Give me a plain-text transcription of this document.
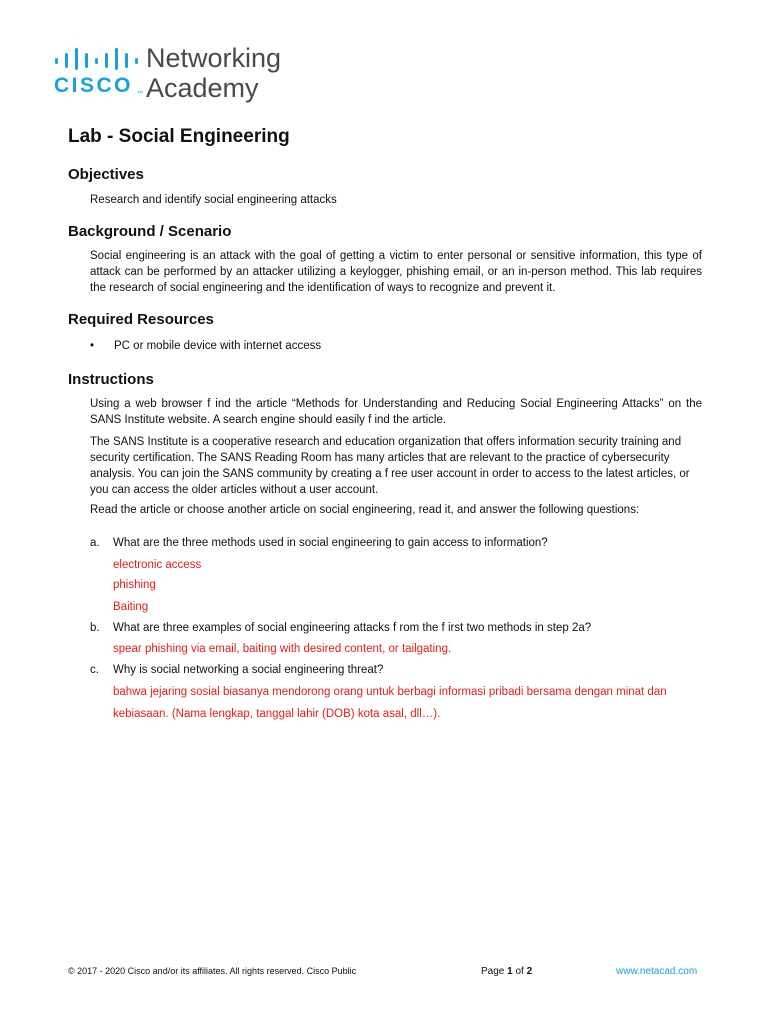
CISCO ™
Networking
Academy
Lab - Social Engineering
Objectives

Research and identify social engineering attacks

Background / Scenario

Social engineering is an attack with the goal of getting a victim to enter personal or sensitive information, this type of attack can be performed by an attacker utilizing a keylogger, phishing email, or an in-person method. This lab requires the research of social engineering and the identification of ways to recognize and prevent it.

Required Resources
• PC or mobile device with internet access
Instructions

Using a web browser f ind the article “Methods for Understanding and Reducing Social Engineering Attacks” on the SANS Institute website. A search engine should easily f ind the article.

The SANS Institute is a cooperative research and education organization that offers information security training and security certification. The SANS Reading Room has many articles that are relevant to the practice of cybersecurity analysis. You can join the SANS community by creating a f ree user account in order to access to the latest articles, or you can access the older articles without a user account.

Read the article or choose another article on social engineering, read it, and answer the following questions:

a. What are the three methods used in social engineering to gain access to information?
electronic access
phishing
Baiting
b. What are three examples of social engineering attacks f rom the f irst two methods in step 2a?
spear phishing via email, baiting with desired content, or tailgating.
c. Why is social networking a social engineering threat?
bahwa jejaring sosial biasanya mendorong orang untuk berbagi informasi pribadi bersama dengan minat dan
kebiasaan. (Nama lengkap, tanggal lahir (DOB) kota asal, dll…).
© 2017 - 2020 Cisco and/or its affiliates. All rights reserved. Cisco Public	Page 1 of 2	www.netacad.com
